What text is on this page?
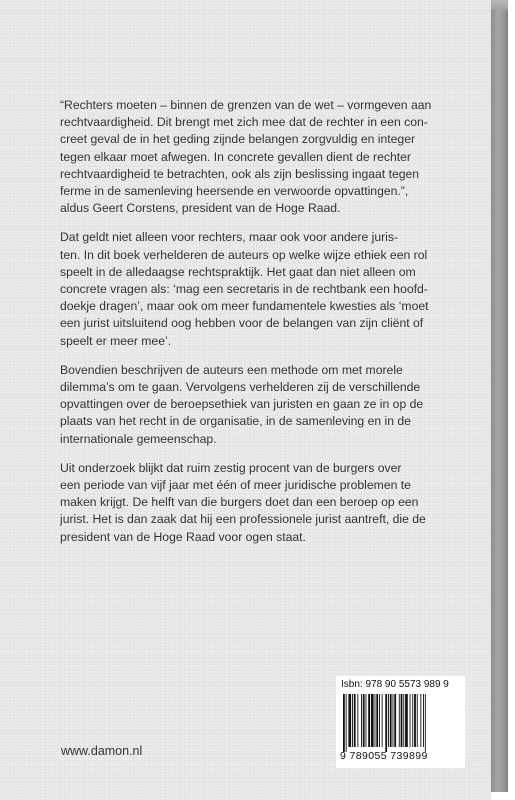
“Rechters moeten – binnen de grenzen van de wet – vormgeven aan
rechtvaardigheid. Dit brengt met zich mee dat de rechter in een con-
creet geval de in het geding zijnde belangen zorgvuldig en integer
tegen elkaar moet afwegen. In concrete gevallen dient de rechter
rechtvaardigheid te betrachten, ook als zijn beslissing ingaat tegen
ferme in de samenleving heersende en verwoorde opvattingen.”,
aldus Geert Corstens, president van de Hoge Raad.

Dat geldt niet alleen voor rechters, maar ook voor andere juris-
ten. In dit boek verhelderen de auteurs op welke wijze ethiek een rol
speelt in de alledaagse rechtspraktijk. Het gaat dan niet alleen om
concrete vragen als: ‘mag een secretaris in de rechtbank een hoofd-
doekje dragen’, maar ook om meer fundamentele kwesties als ‘moet
een jurist uitsluitend oog hebben voor de belangen van zijn cliënt of
speelt er meer mee’.

Bovendien beschrijven de auteurs een methode om met morele
dilemma’s om te gaan. Vervolgens verhelderen zij de verschillende
opvattingen over de beroepsethiek van juristen en gaan ze in op de
plaats van het recht in de organisatie, in de samenleving en in de
internationale gemeenschap.

Uit onderzoek blijkt dat ruim zestig procent van de burgers over
een periode van vijf jaar met één of meer juridische problemen te
maken krijgt. De helft van die burgers doet dan een beroep op een
jurist. Het is dan zaak dat hij een professionele jurist aantreft, die de
president van de Hoge Raad voor ogen staat.

Isbn: 978 90 5573 989 9
9 789055 739899
www.damon.nl
